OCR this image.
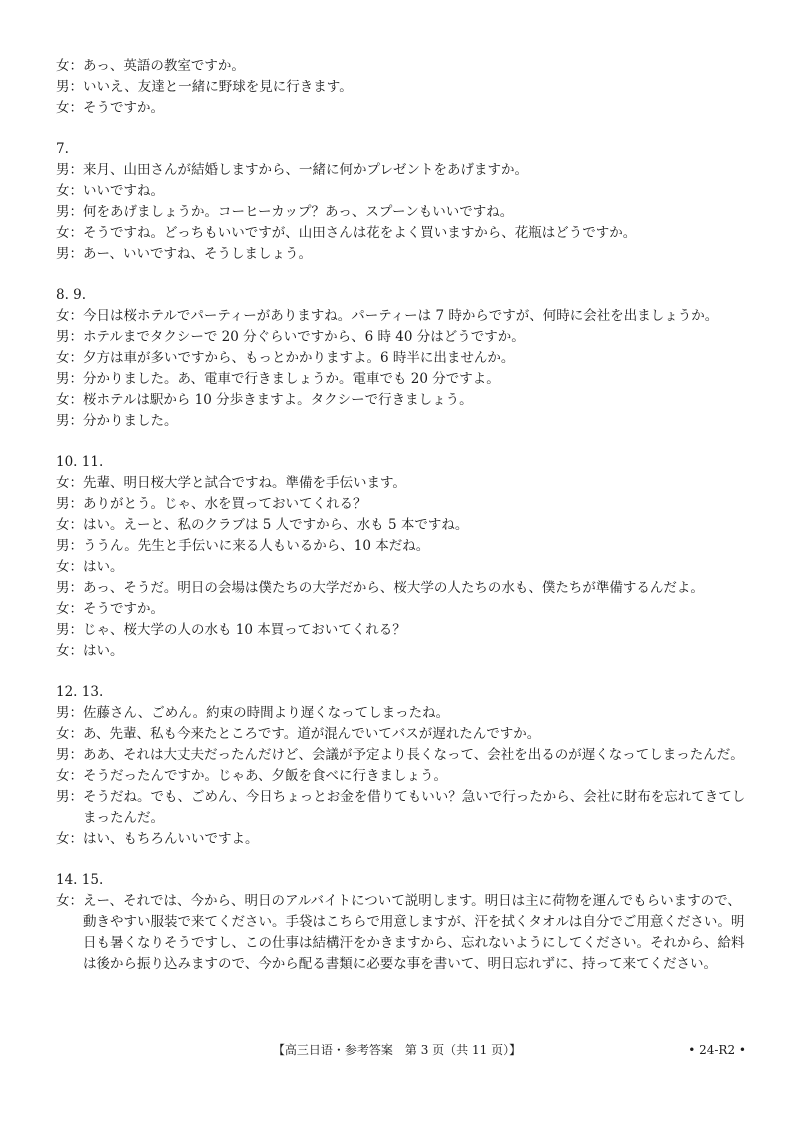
女： あっ、英語の教室ですか。
男： いいえ、友達と一緒に野球を見に行きます。
女： そうですか。
7.
男： 来月、山田さんが結婚しますから、一緒に何かプレゼントをあげますか。
女： いいですね。
男： 何をあげましょうか。コーヒーカップ？あっ、スプーンもいいですね。
女： そうですね。どっちもいいですが、山田さんは花をよく買いますから、花瓶はどうですか。
男： あー、いいですね、そうしましょう。
8. 9.
女： 今日は桜ホテルでパーティーがありますね。パーティーは 7 時からですが、何時に会社を出ましょうか。
男： ホテルまでタクシーで 20 分ぐらいですから、6 時 40 分はどうですか。
女： 夕方は車が多いですから、もっとかかりますよ。6 時半に出ませんか。
男： 分かりました。あ、電車で行きましょうか。電車でも 20 分ですよ。
女： 桜ホテルは駅から 10 分歩きますよ。タクシーで行きましょう。
男： 分かりました。
10. 11.
女： 先輩、明日桜大学と試合ですね。準備を手伝います。
男： ありがとう。じゃ、水を買っておいてくれる？
女： はい。えーと、私のクラブは 5 人ですから、水も 5 本ですね。
男： ううん。先生と手伝いに来る人もいるから、10 本だね。
女： はい。
男： あっ、そうだ。明日の会場は僕たちの大学だから、桜大学の人たちの水も、僕たちが準備するんだよ。
女： そうですか。
男： じゃ、桜大学の人の水も 10 本買っておいてくれる？
女： はい。
12. 13.
男： 佐藤さん、ごめん。約束の時間より遅くなってしまったね。
女： あ、先輩、私も今来たところです。道が混んでいてバスが遅れたんですか。
男： ああ、それは大丈夫だったんだけど、会議が予定より長くなって、会社を出るのが遅くなってしまったんだ。
女： そうだったんですか。じゃあ、夕飯を食べに行きましょう。
男： そうだね。でも、ごめん、今日ちょっとお金を借りてもいい？急いで行ったから、会社に財布を忘れてきてしまったんだ。
女： はい、もちろんいいですよ。
14. 15.
女： えー、それでは、今から、明日のアルバイトについて説明します。明日は主に荷物を運んでもらいますので、動きやすい服装で来てください。手袋はこちらで用意しますが、汗を拭くタオルは自分でご用意ください。明日も暑くなりそうですし、この仕事は結構汗をかきますから、忘れないようにしてください。それから、給料は後から振り込みますので、今から配る書類に必要な事を書いて、明日忘れずに、持って来てください。
【高三日语・参考答案　第 3 页（共 11 页）】	• 24-R2 •
